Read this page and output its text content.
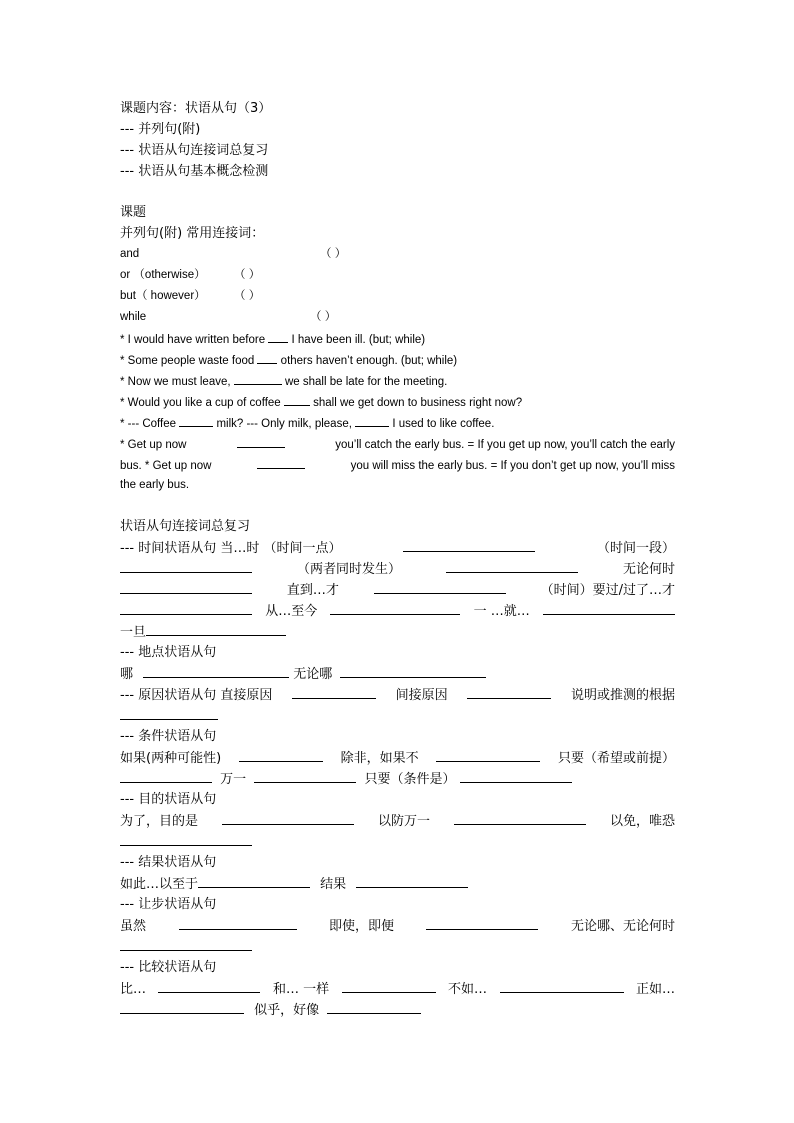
课题内容：状语从句（3）
--- 并列句(附)
--- 状语从句连接词总复习
--- 状语从句基本概念检测
课题
并列句(附) 常用连接词：
and	（ ）
or （otherwise） （ ）
but（ however） （ ）
while	（ ）
* I would have written before I have been ill. (but; while)
* Some people waste food others haven’t enough. (but; while)
* Now we must leave,	we shall be late for the meeting.
* Would you like a cup of coffee	shall we get down to business right now?
* --- Coffee	milk? --- Only milk, please,	I used to like coffee.
* Get up now	you’ll catch the early bus. = If you get up now, you’ll catch the early
bus. * Get up now	you will miss the early bus. = If you don’t get up now, you’ll miss
the early bus.
状语从句连接词总复习
--- 时间状语从句 当…时 （时间一点）	（时间一段）
（两者同时发生）	无论何时
直到…才	（时间）要过/过了…才
从…至今	一 …就…
一旦
--- 地点状语从句
哪	无论哪
--- 原因状语从句 直接原因	间接原因	说明或推测的根据
--- 条件状语从句
如果(两种可能性)	除非，如果不	只要（希望或前提）
万一	只要（条件是）
--- 目的状语从句
为了，目的是	以防万一	以免，唯恐
--- 结果状语从句
如此…以至于	结果
--- 让步状语从句
虽然	即使，即便	无论哪、无论何时
--- 比较状语从句
比…	和… 一样	不如…	正如…
似乎，好像
